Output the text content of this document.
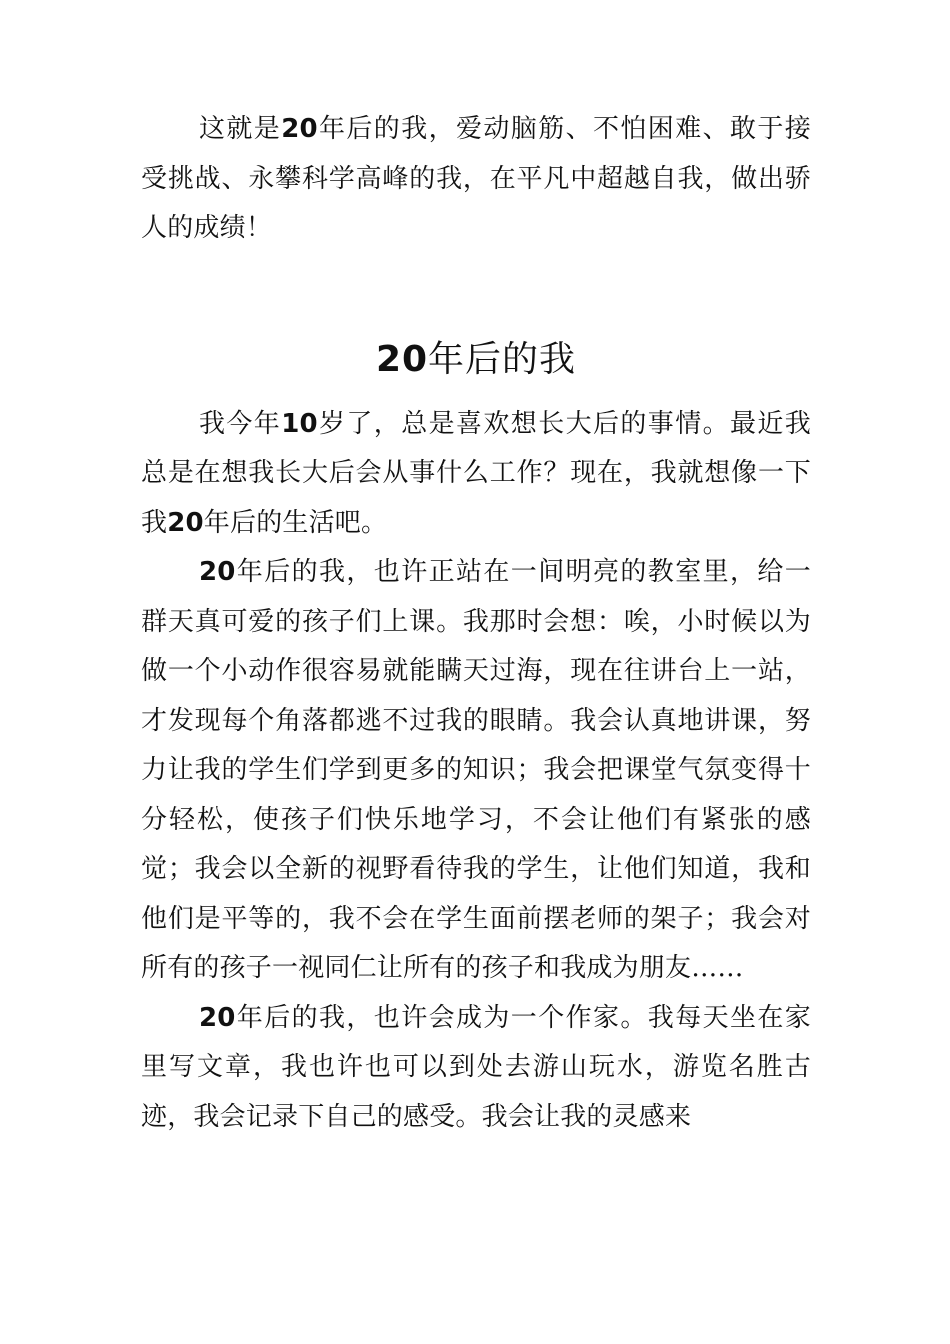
这就是20年后的我，爱动脑筋、不怕困难、敢于接受挑战、永攀科学高峰的我，在平凡中超越自我，做出骄人的成绩！

20年后的我

我今年10岁了，总是喜欢想长大后的事情。最近我总是在想我长大后会从事什么工作？现在，我就想像一下我20年后的生活吧。

20年后的我，也许正站在一间明亮的教室里，给一群天真可爱的孩子们上课。我那时会想：唉，小时候以为做一个小动作很容易就能瞒天过海，现在往讲台上一站，才发现每个角落都逃不过我的眼睛。我会认真地讲课，努力让我的学生们学到更多的知识；我会把课堂气氛变得十分轻松，使孩子们快乐地学习，不会让他们有紧张的感觉；我会以全新的视野看待我的学生，让他们知道，我和他们是平等的，我不会在学生面前摆老师的架子；我会对所有的孩子一视同仁让所有的孩子和我成为朋友……

20年后的我，也许会成为一个作家。我每天坐在家里写文章，我也许也可以到处去游山玩水，游览名胜古迹，我会记录下自己的感受。我会让我的灵感来
